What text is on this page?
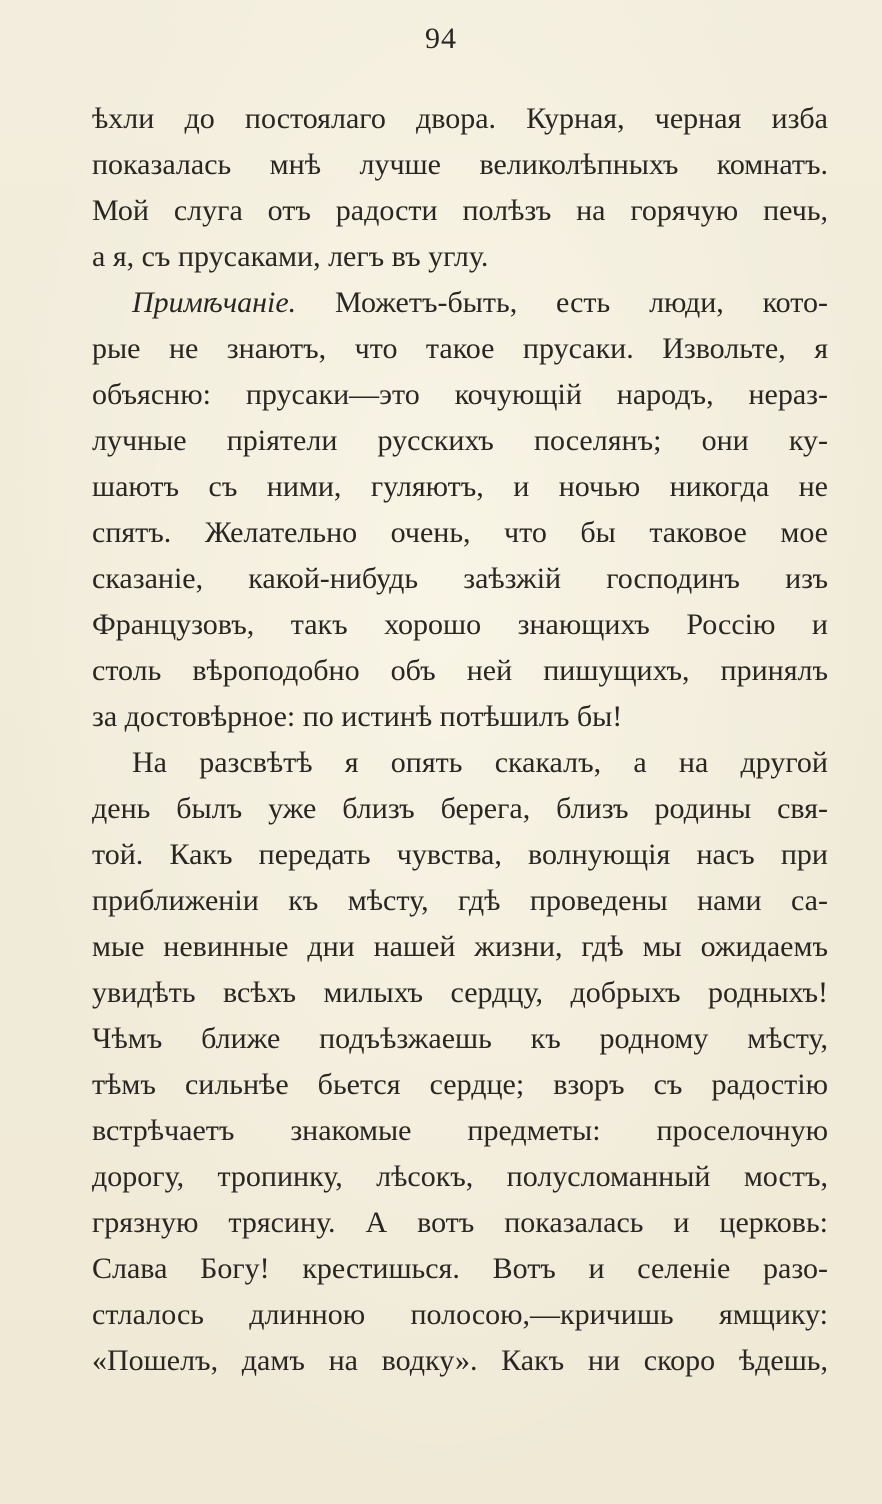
94
ѣхли до постоялаго двора. Курная, черная изба
показалась мнѣ лучше великолѣпныхъ комнатъ.
Мой слуга отъ радости полѣзъ на горячую печь,
а я, съ прусаками, легъ въ углу.
Примѣчаніе. Можетъ-быть, есть люди, кото-
рые не знаютъ, что такое прусаки. Извольте, я
объясню: прусаки—это кочующій народъ, нераз-
лучные пріятели русскихъ поселянъ; они ку-
шаютъ съ ними, гуляютъ, и ночью никогда не
спятъ. Желательно очень, что бы таковое мое
сказаніе, какой-нибудь заѣзжій господинъ изъ
Французовъ, такъ хорошо знающихъ Россію и
столь вѣроподобно объ ней пишущихъ, принялъ
за достовѣрное: по истинѣ потѣшилъ бы!
На разсвѣтѣ я опять скакалъ, а на другой
день былъ уже близъ берега, близъ родины свя-
той. Какъ передать чувства, волнующія насъ при
приближеніи къ мѣсту, гдѣ проведены нами са-
мые невинные дни нашей жизни, гдѣ мы ожидаемъ
увидѣть всѣхъ милыхъ сердцу, добрыхъ родныхъ!
Чѣмъ ближе подъѣзжаешь къ родному мѣсту,
тѣмъ сильнѣе бьется сердце; взоръ съ радостію
встрѣчаетъ знакомые предметы: проселочную
дорогу, тропинку, лѣсокъ, полусломанный мостъ,
грязную трясину. А вотъ показалась и церковь:
Слава Богу! крестишься. Вотъ и селеніе разо-
стлалось длинною полосою,—кричишь ямщику:
«Пошелъ, дамъ на водку». Какъ ни скоро ѣдешь,
